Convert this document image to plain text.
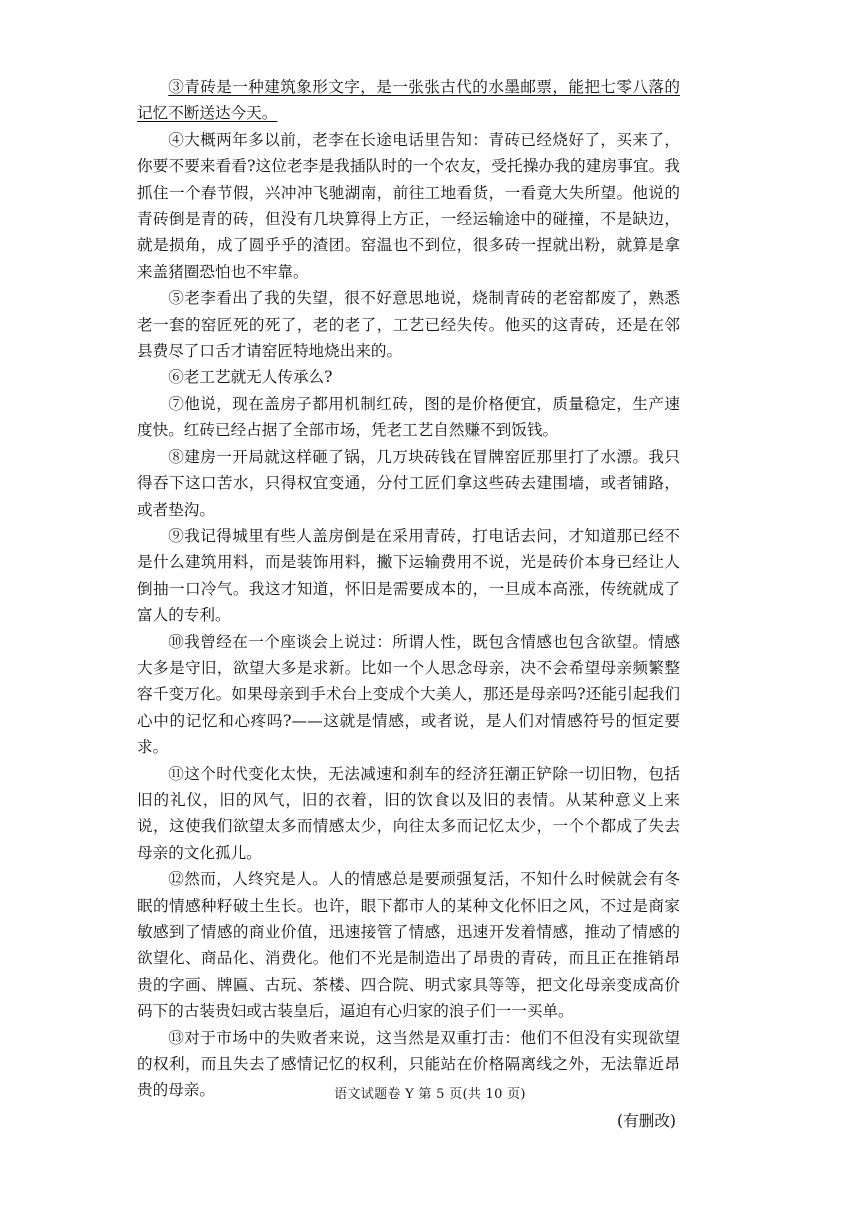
③青砖是一种建筑象形文字，是一张张古代的水墨邮票，能把七零八落的记忆不断送达今天。

④大概两年多以前，老李在长途电话里告知：青砖已经烧好了，买来了，你要不要来看看?这位老李是我插队时的一个农友，受托操办我的建房事宜。我抓住一个春节假，兴冲冲飞驰湖南，前往工地看货，一看竟大失所望。他说的青砖倒是青的砖，但没有几块算得上方正，一经运输途中的碰撞，不是缺边，就是损角，成了圆乎乎的渣团。窑温也不到位，很多砖一捏就出粉，就算是拿来盖猪圈恐怕也不牢靠。

⑤老李看出了我的失望，很不好意思地说，烧制青砖的老窑都废了，熟悉老一套的窑匠死的死了，老的老了，工艺已经失传。他买的这青砖，还是在邻县费尽了口舌才请窑匠特地烧出来的。

⑥老工艺就无人传承么?

⑦他说，现在盖房子都用机制红砖，图的是价格便宜，质量稳定，生产速度快。红砖已经占据了全部市场，凭老工艺自然赚不到饭钱。

⑧建房一开局就这样砸了锅，几万块砖钱在冒牌窑匠那里打了水漂。我只得吞下这口苦水，只得权宜变通，分付工匠们拿这些砖去建围墙，或者铺路，或者垫沟。

⑨我记得城里有些人盖房倒是在采用青砖，打电话去问，才知道那已经不是什么建筑用料，而是装饰用料，撇下运输费用不说，光是砖价本身已经让人倒抽一口冷气。我这才知道，怀旧是需要成本的，一旦成本高涨，传统就成了富人的专利。

⑩我曾经在一个座谈会上说过：所谓人性，既包含情感也包含欲望。情感大多是守旧，欲望大多是求新。比如一个人思念母亲，决不会希望母亲频繁整容千变万化。如果母亲到手术台上变成个大美人，那还是母亲吗?还能引起我们心中的记忆和心疼吗?——这就是情感，或者说，是人们对情感符号的恒定要求。

⑪这个时代变化太快，无法减速和刹车的经济狂潮正铲除一切旧物，包括旧的礼仪，旧的风气，旧的衣着，旧的饮食以及旧的表情。从某种意义上来说，这使我们欲望太多而情感太少，向往太多而记忆太少，一个个都成了失去母亲的文化孤儿。

⑫然而，人终究是人。人的情感总是要顽强复活，不知什么时候就会有冬眠的情感种籽破土生长。也许，眼下都市人的某种文化怀旧之风，不过是商家敏感到了情感的商业价值，迅速接管了情感，迅速开发着情感，推动了情感的欲望化、商品化、消费化。他们不光是制造出了昂贵的青砖，而且正在推销昂贵的字画、牌匾、古玩、茶楼、四合院、明式家具等等，把文化母亲变成高价码下的古装贵妇或古装皇后，逼迫有心归家的浪子们一一买单。

⑬对于市场中的失败者来说，这当然是双重打击：他们不但没有实现欲望的权利，而且失去了感情记忆的权利，只能站在价格隔离线之外，无法靠近昂贵的母亲。

(有删改)

语文试题卷 Y 第 5 页(共 10 页)
